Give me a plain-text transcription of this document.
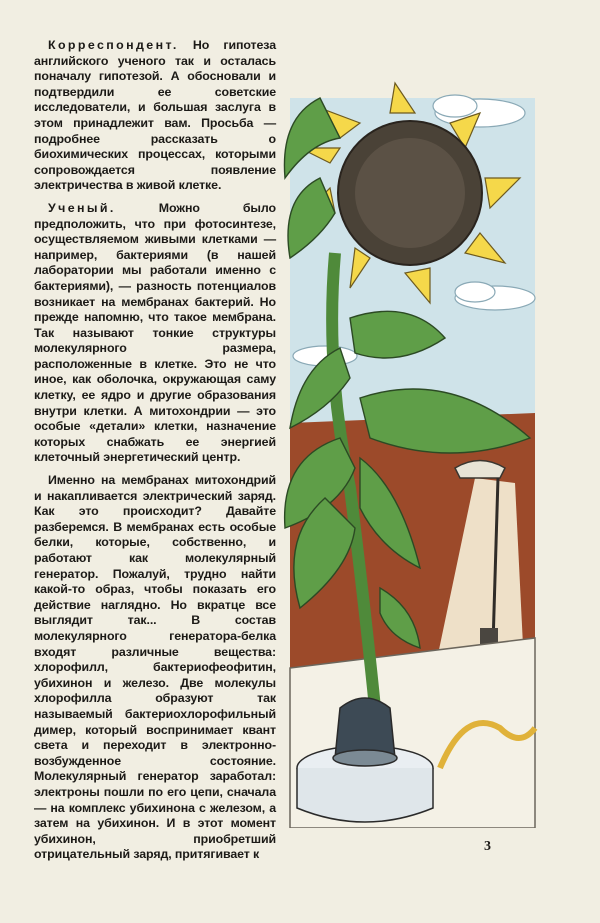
Корреспондент. Но гипотеза английского ученого так и осталась поначалу гипотезой. А обосновали и подтвердили ее советские исследователи, и большая заслуга в этом принадлежит вам. Просьба — подробнее рассказать о биохимических процессах, которыми сопровождается появление электричества в живой клетке.

Ученый. Можно было предположить, что при фотосинтезе, осуществляемом живыми клетками — например, бактериями (в нашей лаборатории мы работали именно с бактериями), — разность потенциалов возникает на мембранах бактерий. Но прежде напомню, что такое мембрана. Так называют тонкие структуры молекулярного размера, расположенные в клетке. Это не что иное, как оболочка, окружающая саму клетку, ее ядро и другие образования внутри клетки. А митохондрии — это особые «детали» клетки, назначение которых снабжать ее энергией клеточный энергетический центр.

Именно на мембранах митохондрий и накапливается электрический заряд. Как это происходит? Давайте разберемся. В мембранах есть особые белки, которые, собственно, и работают как молекулярный генератор. Пожалуй, трудно найти какой-то образ, чтобы показать его действие наглядно. Но вкратце все выглядит так... В состав молекулярного генератора-белка входят различные вещества: хлорофилл, бактериофеофитин, убихинон и железо. Две молекулы хлорофилла образуют так называемый бактериохлорофильный димер, который воспринимает квант света и переходит в электронно-возбужденное состояние. Молекулярный генератор заработал: электроны пошли по его цепи, сначала — на комплекс убихинона с железом, а затем на убихинон. И в этот момент убихинон, приобретший отрицательный заряд, притягивает к

3
